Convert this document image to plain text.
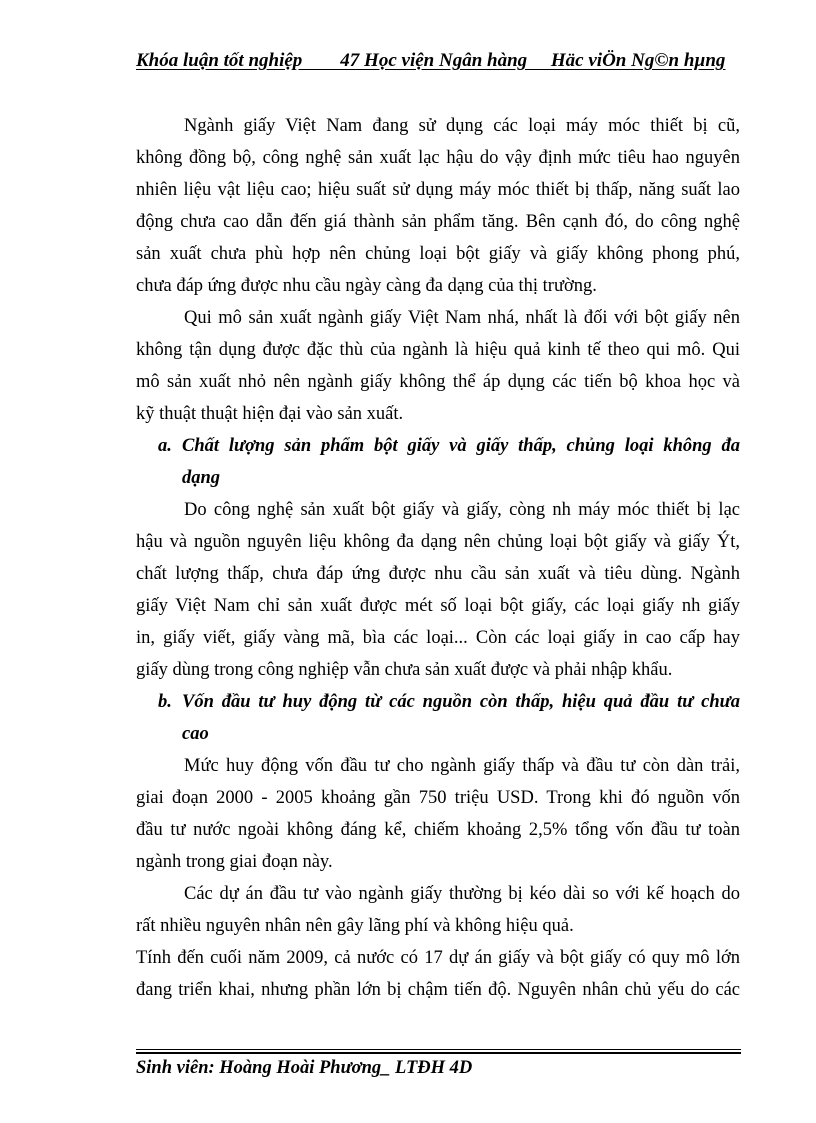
Khóa luận tốt nghiệp        47 Học viện Ngân hàng     Häc viÖn Ng©n hµng
Ngành giấy Việt Nam đang sử dụng các loại máy móc thiết bị cũ,
không đồng bộ, công nghệ sản xuất lạc hậu do vậy định mức tiêu hao nguyên
nhiên liệu vật liệu cao; hiệu suất sử dụng máy móc thiết bị thấp, năng suất lao
động chưa cao dẫn đến giá thành sản phẩm tăng. Bên cạnh đó, do công nghệ
sản xuất chưa phù hợp nên chủng loại bột giấy và giấy không phong phú,
chưa đáp ứng được nhu cầu ngày càng đa dạng của thị trường.
Qui mô sản xuất ngành giấy Việt Nam nhá, nhất là đối với bột giấy nên
không tận dụng được đặc thù của ngành là hiệu quả kinh tế theo qui mô. Qui
mô sản xuất nhỏ nên ngành giấy không thể áp dụng các tiến bộ khoa học và
kỹ thuật thuật hiện đại vào sản xuất.
a. Chất lượng sản phẩm bột giấy và giấy thấp, chủng loại không đa
dạng
Do công nghệ sản xuất bột giấy và giấy, còng nh máy móc thiết bị lạc
hậu và nguồn nguyên liệu không đa dạng nên chủng loại bột giấy và giấy Ýt,
chất lượng thấp, chưa đáp ứng được nhu cầu sản xuất và tiêu dùng. Ngành
giấy Việt Nam chỉ sản xuất được mét số loại bột giấy, các loại giấy nh giấy
in, giấy viết, giấy vàng mã, bìa các loại... Còn các loại giấy in cao cấp hay
giấy dùng trong công nghiệp vẫn chưa sản xuất được và phải nhập khẩu.
b. Vốn đầu tư huy động từ các nguồn còn thấp, hiệu quả đầu tư chưa
cao
Mức huy động vốn đầu tư cho ngành giấy thấp và đầu tư còn dàn trải,
giai đoạn 2000 - 2005 khoảng gần 750 triệu USD. Trong khi đó nguồn vốn
đầu tư nước ngoài không đáng kể, chiếm khoảng 2,5% tổng vốn đầu tư toàn
ngành trong giai đoạn này.
Các dự án đầu tư vào ngành giấy thường bị kéo dài so với kế hoạch do
rất nhiều nguyên nhân nên gây lãng phí và không hiệu quả.
Tính đến cuối năm 2009, cả nước có 17 dự án giấy và bột giấy có quy mô lớn
đang triển khai, nhưng phần lớn bị chậm tiến độ. Nguyên nhân chủ yếu do các
Sinh viên: Hoàng Hoài Phương_ LTĐH 4D
